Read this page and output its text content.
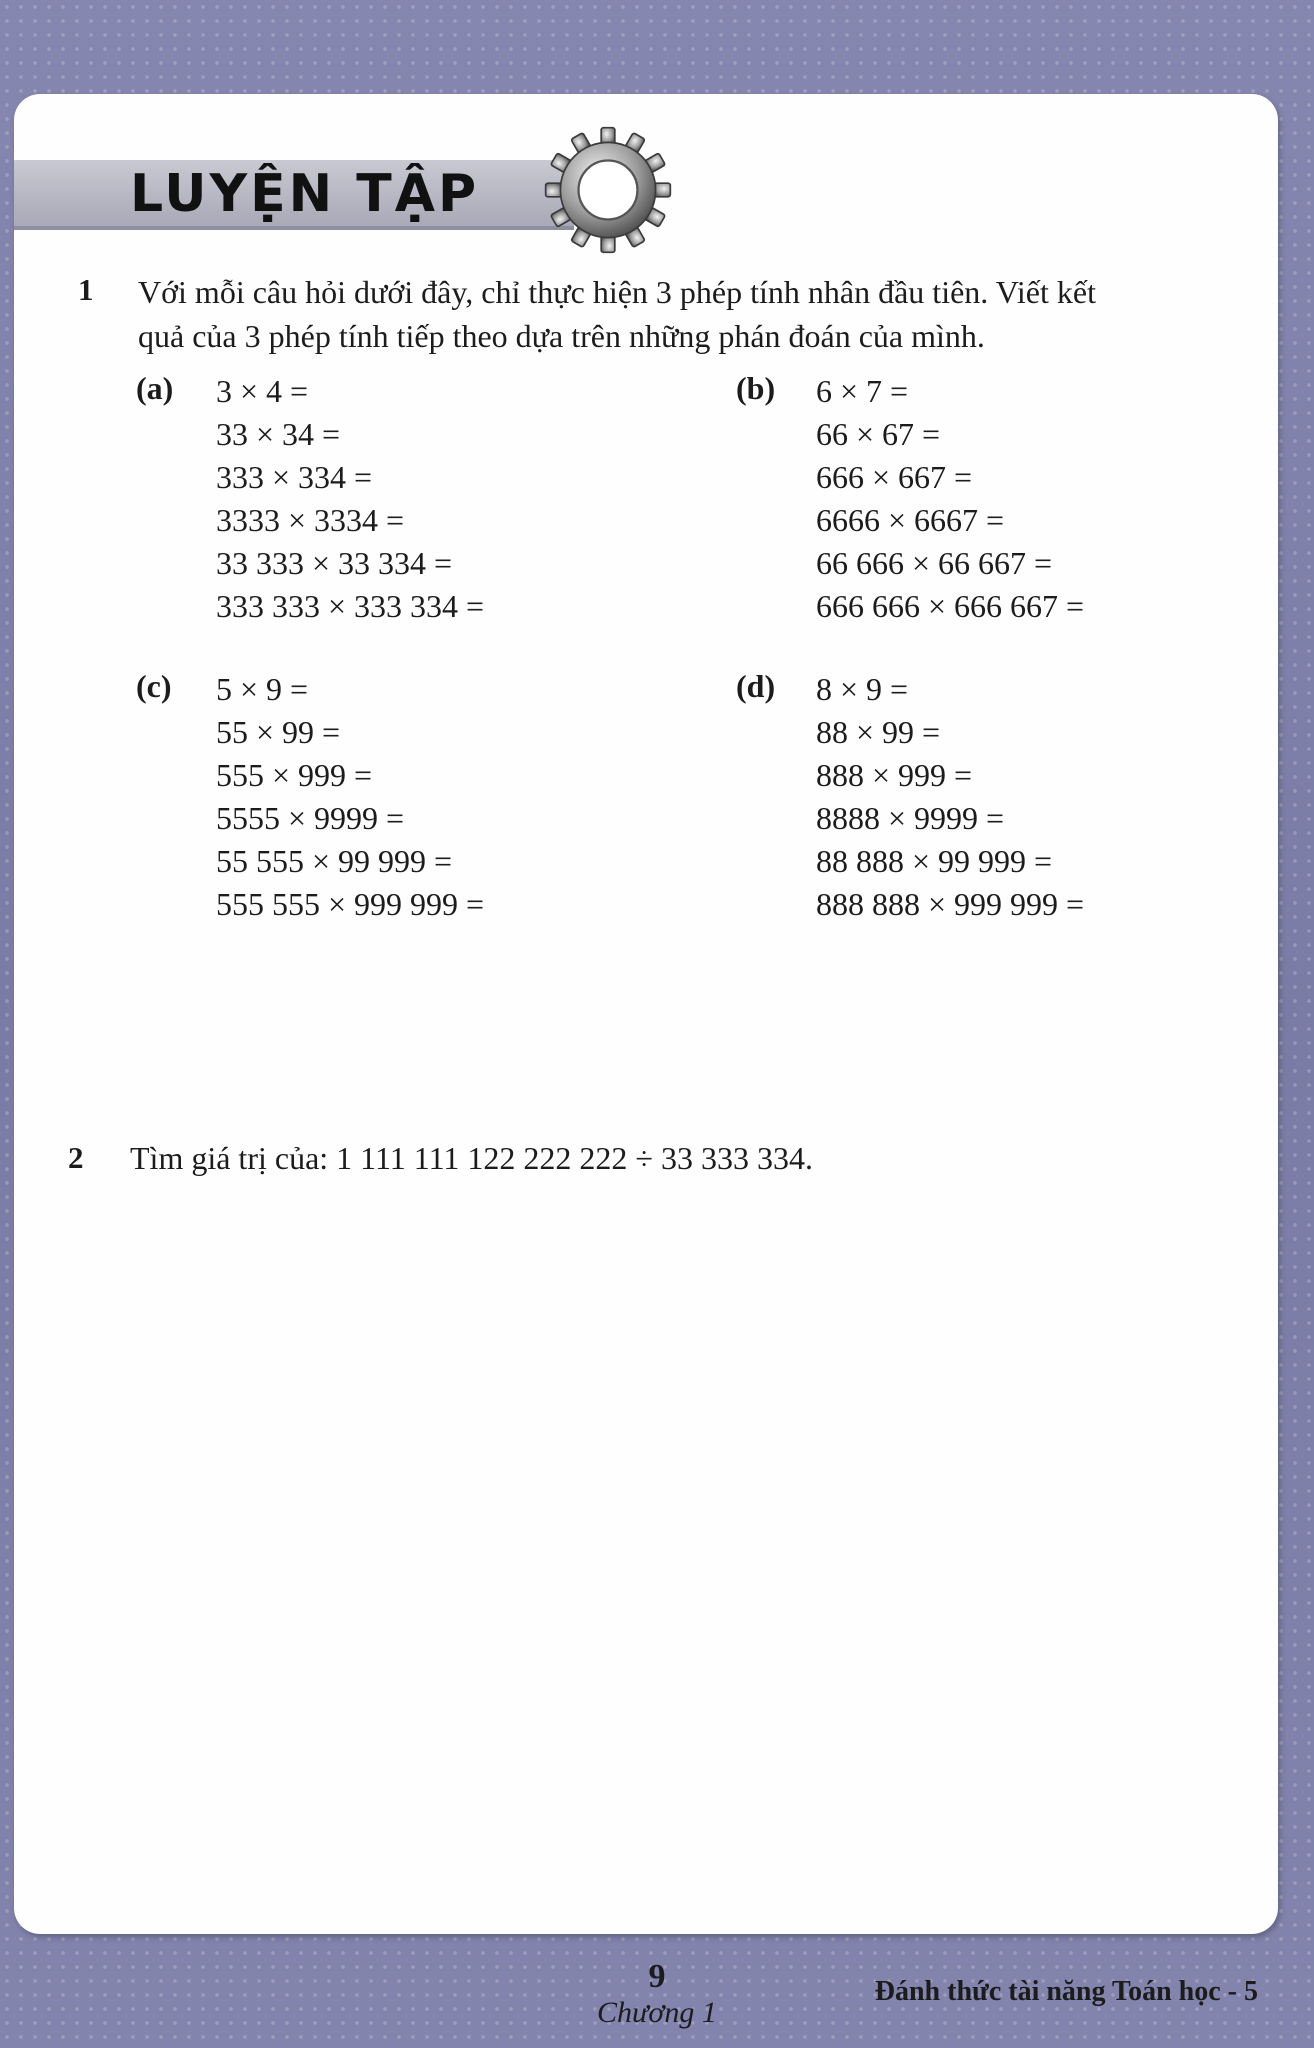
LUYỆN TẬP
1 Với mỗi câu hỏi dưới đây, chỉ thực hiện 3 phép tính nhân đầu tiên. Viết kết
quả của 3 phép tính tiếp theo dựa trên những phán đoán của mình.
(a) 3 × 4 =
33 × 34 =
333 × 334 =
3333 × 3334 =
33 333 × 33 334 =
333 333 × 333 334 =
(b) 6 × 7 =
66 × 67 =
666 × 667 =
6666 × 6667 =
66 666 × 66 667 =
666 666 × 666 667 =
(c) 5 × 9 =
55 × 99 =
555 × 999 =
5555 × 9999 =
55 555 × 99 999 =
555 555 × 999 999 =
(d) 8 × 9 =
88 × 99 =
888 × 999 =
8888 × 9999 =
88 888 × 99 999 =
888 888 × 999 999 =
2 Tìm giá trị của: 1 111 111 122 222 222 ÷ 33 333 334.
9
Chương 1
Đánh thức tài năng Toán học - 5
